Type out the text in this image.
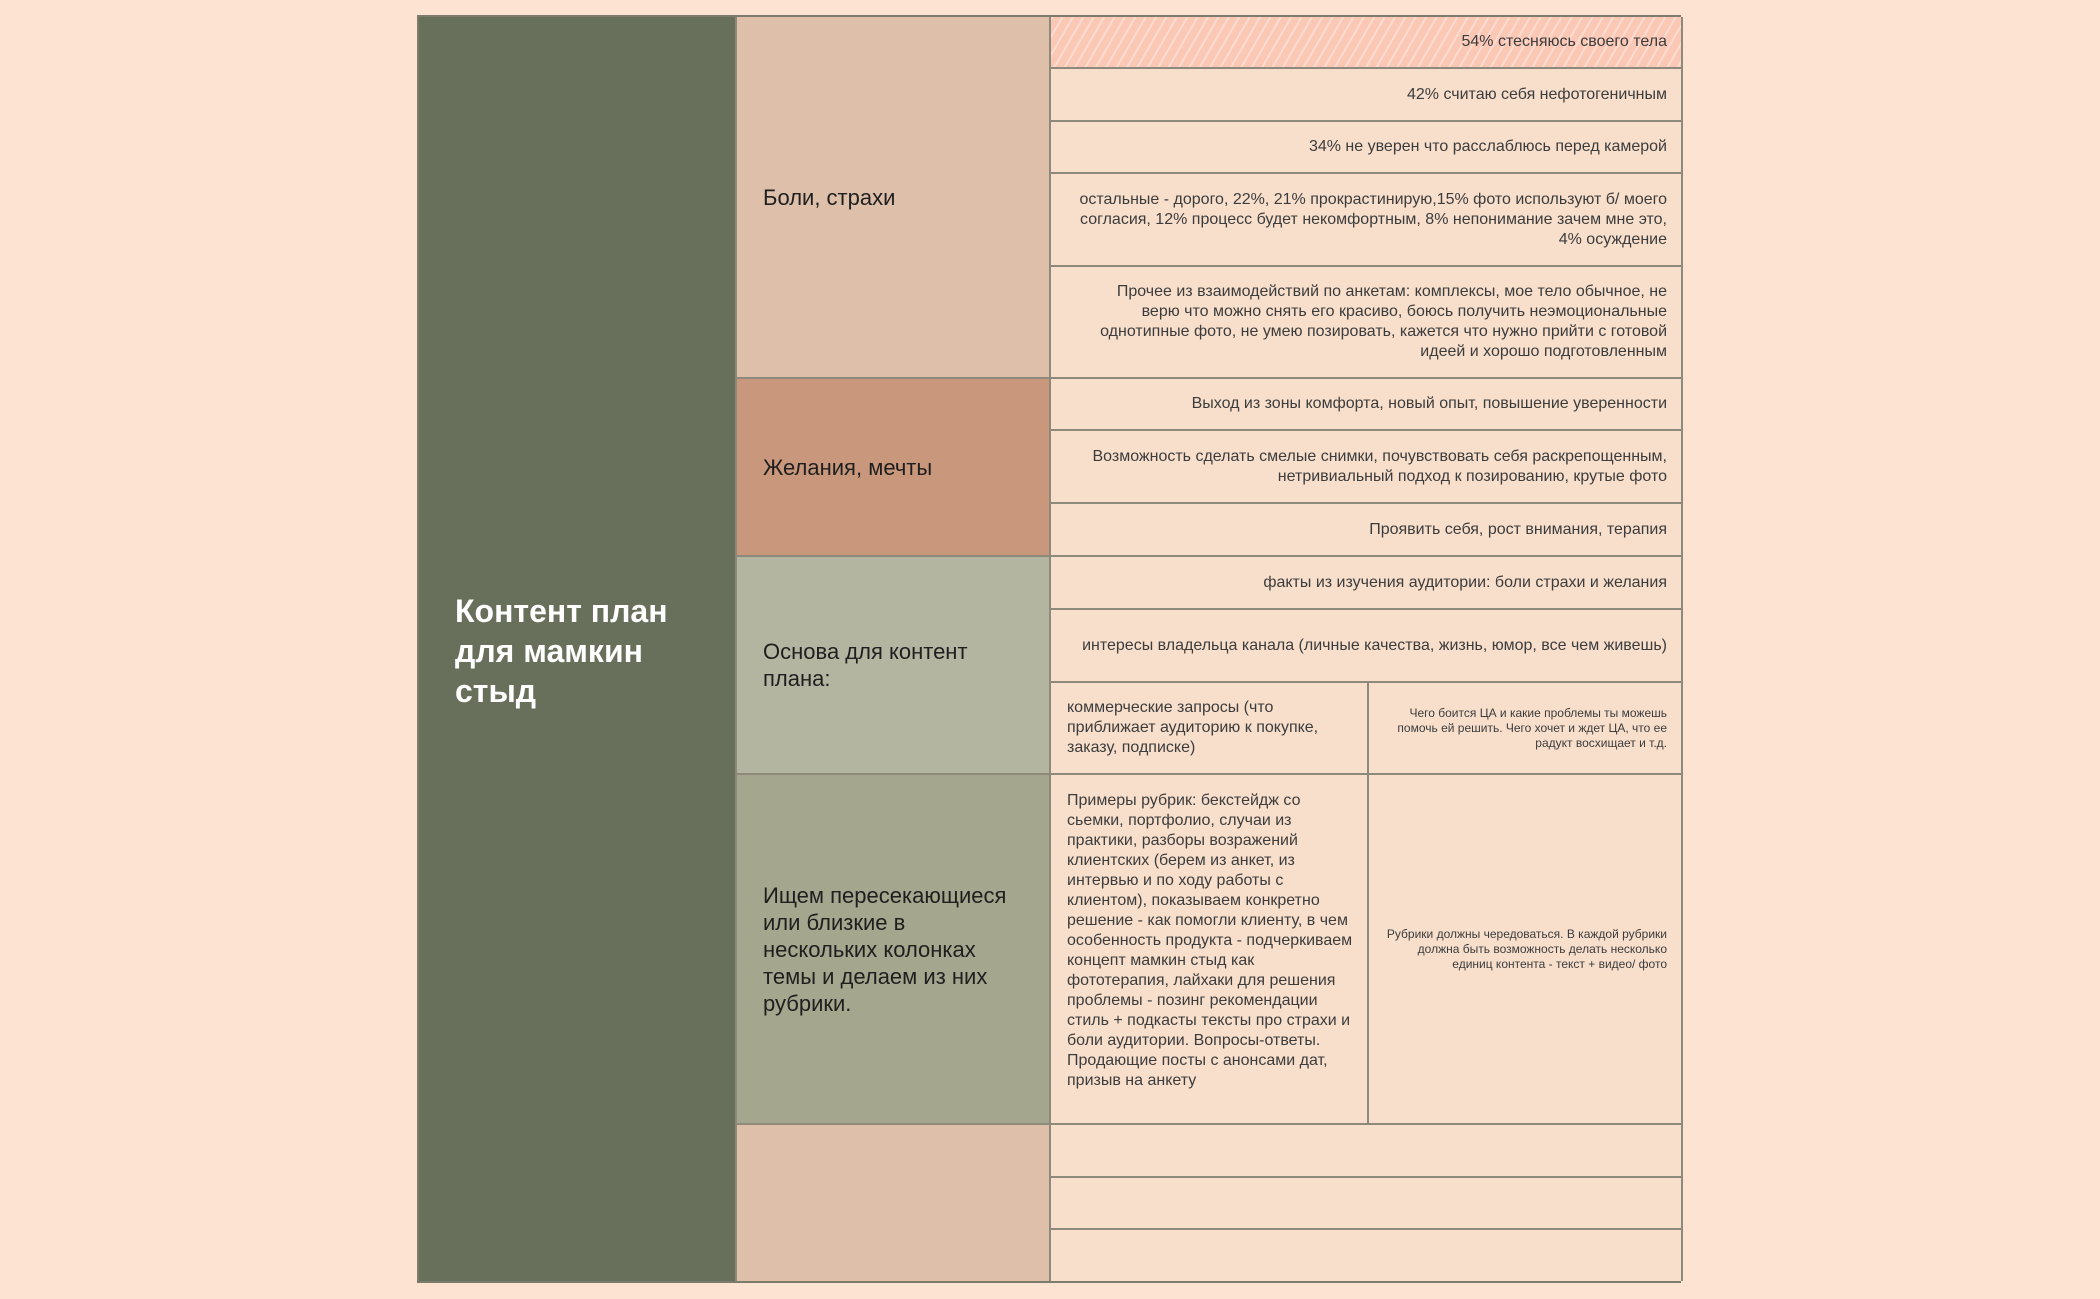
Контент план для мамкин стыд
Боли, страхи
Желания, мечты
Основа для контент плана:
Ищем пересекающиеся или близкие в нескольких колонках темы и делаем из них рубрики.
54% стесняюсь своего тела
42% считаю себя нефотогеничным
34% не уверен что расслаблюсь перед камерой
остальные - дорого, 22%, 21% прокрастинирую,15% фото используют б/ моего согласия, 12% процесс будет некомфортным, 8% непонимание зачем мне это, 4% осуждение
Прочее из взаимодействий по анкетам: комплексы, мое тело обычное, не верю что можно снять его красиво, боюсь получить неэмоциональные однотипные фото, не умею позировать, кажется что нужно прийти с готовой идеей и хорошо подготовленным
Выход из зоны комфорта, новый опыт, повышение уверенности
Возможность сделать смелые снимки, почувствовать себя раскрепощенным, нетривиальный подход к позированию, крутые фото
Проявить себя, рост внимания, терапия
факты из изучения аудитории: боли страхи и желания
интересы владельца канала (личные качества, жизнь, юмор, все чем живешь)
коммерческие запросы (что приближает аудиторию к покупке, заказу, подписке)
Чего боится ЦА и какие проблемы ты можешь помочь ей решить. Чего хочет и ждет ЦА, что ее радукт восхищает и т.д.
Примеры рубрик: бекстейдж со сьемки, портфолио, случаи из практики, разборы возражений клиентских (берем из анкет, из интервью и по ходу работы с клиентом), показываем конкретно решение - как помогли клиенту, в чем особенность продукта - подчеркиваем концепт мамкин стыд как фототерапия, лайхаки для решения проблемы - позинг рекомендации стиль + подкасты тексты про страхи и боли аудитории. Вопросы-ответы. Продающие посты с анонсами дат, призыв на анкету
Рубрики должны чередоваться. В каждой рубрики должна быть возможность делать несколько единиц контента - текст + видео/ фото
